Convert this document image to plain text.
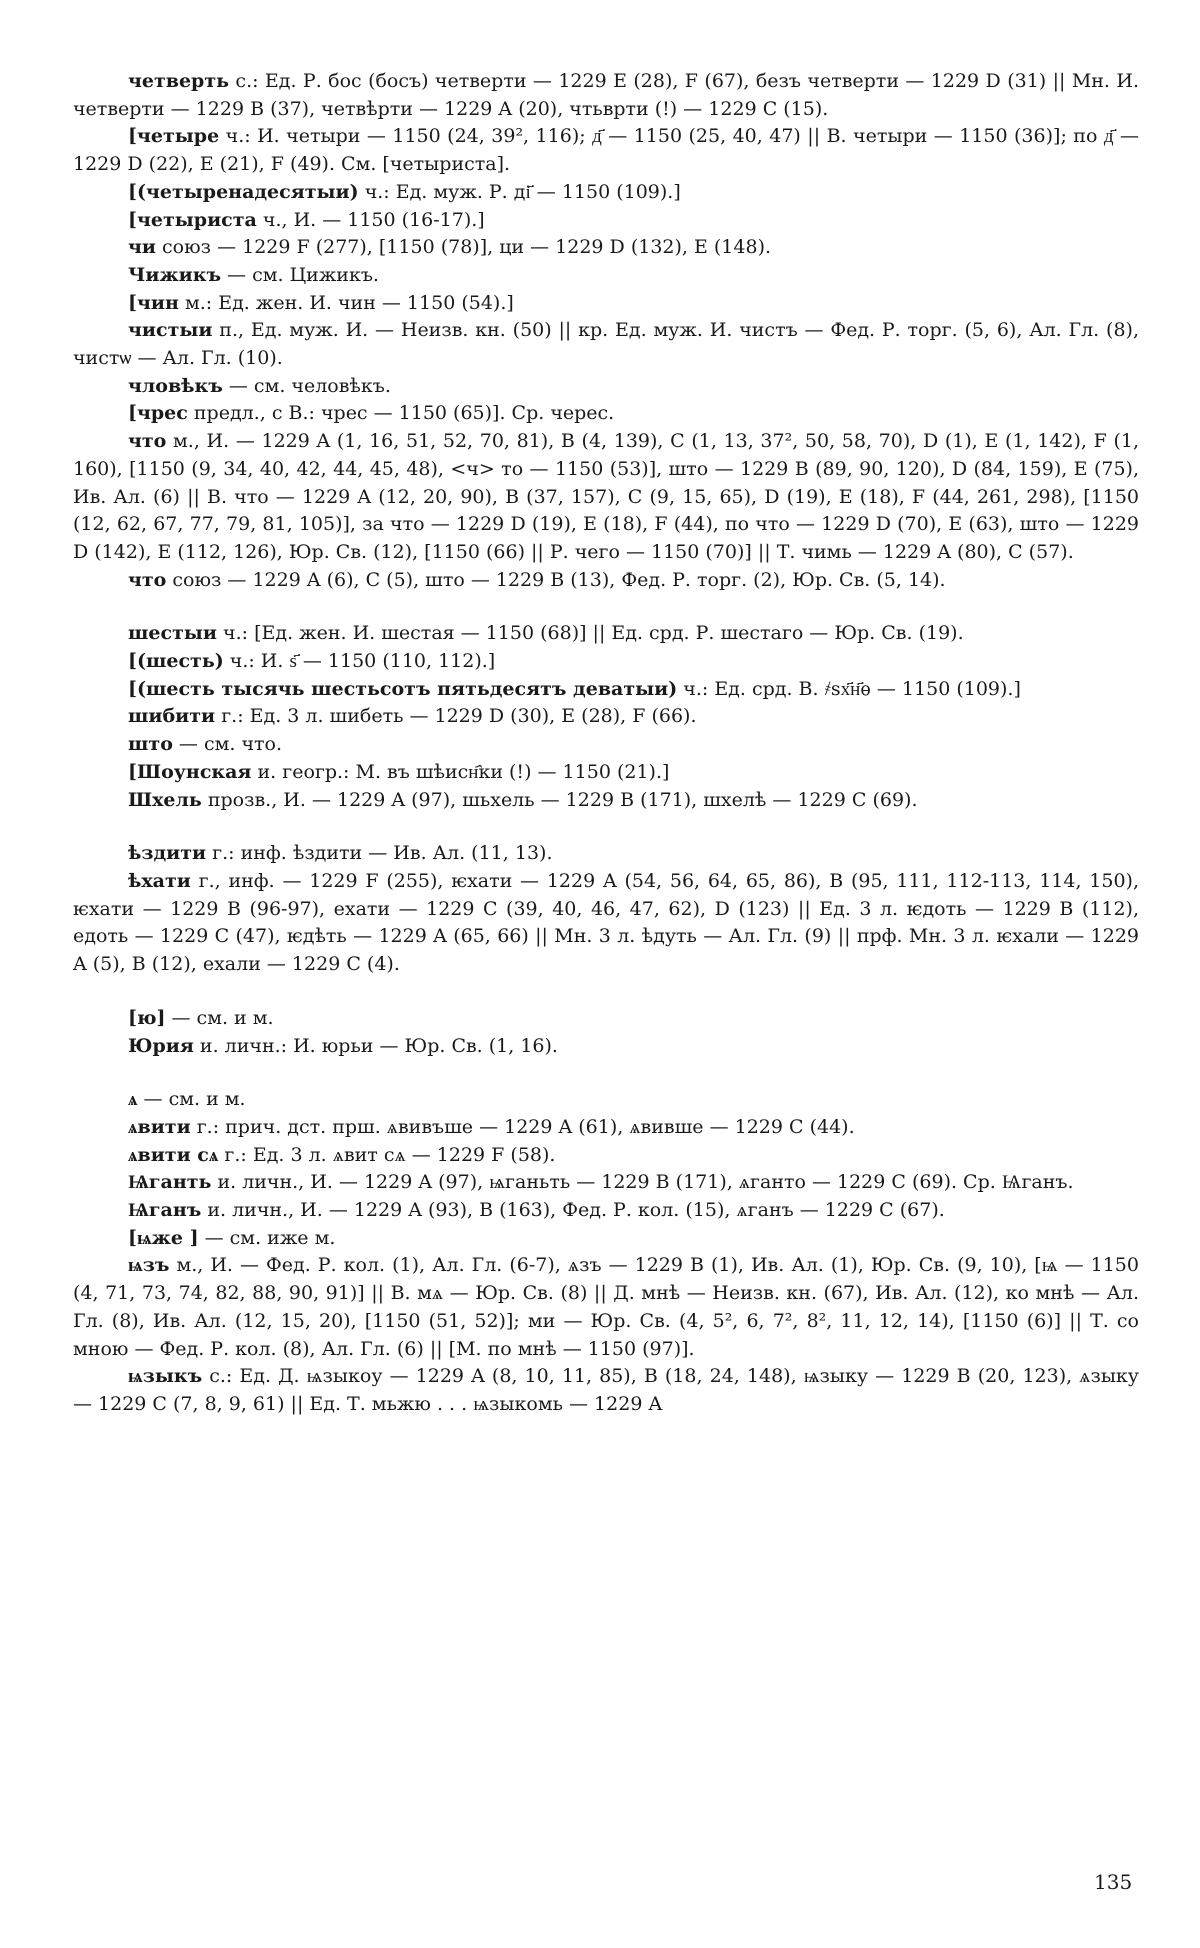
четверть с.: Ед. Р. бос (босъ) четверти — 1229 E (28), F (67), безъ четверти — 1229 D (31) || Мн. И. четверти — 1229 B (37), четвѣрти — 1229 A (20), чтьврти (!) — 1229 C (15).

[четыре ч.: И. четыри — 1150 (24, 39², 116); д҃ — 1150 (25, 40, 47) || В. четыри — 1150 (36)]; по д҃ — 1229 D (22), E (21), F (49). См. [четыриста].

[(четыренадесятыи) ч.: Ед. муж. Р. ді҃ — 1150 (109).]

[четыриста ч., И. — 1150 (16-17).]

чи союз — 1229 F (277), [1150 (78)], ци — 1229 D (132), E (148).

Чижикъ — см. Цижикъ.

[чин м.: Ед. жен. И. чин — 1150 (54).]

чистыи п., Ед. муж. И. — Неизв. кн. (50) || кр. Ед. муж. И. чистъ — Фед. Р. торг. (5, 6), Ал. Гл. (8), чистѡ — Ал. Гл. (10).

чловѣкъ — см. человѣкъ.

[чрес предл., с В.: чрес — 1150 (65)]. Ср. черес.

что м., И. — 1229 A (1, 16, 51, 52, 70, 81), B (4, 139), C (1, 13, 37², 50, 58, 70), D (1), E (1, 142), F (1, 160), [1150 (9, 34, 40, 42, 44, 45, 48), <ч> то — 1150 (53)], што — 1229 B (89, 90, 120), D (84, 159), E (75), Ив. Ал. (6) || В. что — 1229 A (12, 20, 90), B (37, 157), C (9, 15, 65), D (19), E (18), F (44, 261, 298), [1150 (12, 62, 67, 77, 79, 81, 105)], за что — 1229 D (19), E (18), F (44), по что — 1229 D (70), E (63), што — 1229 D (142), E (112, 126), Юр. Св. (12), [1150 (66) || Р. чего — 1150 (70)] || Т. чимь — 1229 A (80), C (57).

что союз — 1229 A (6), C (5), што — 1229 B (13), Фед. Р. торг. (2), Юр. Св. (5, 14).

шестыи ч.: [Ед. жен. И. шестая — 1150 (68)] || Ед. срд. Р. шестаго — Юр. Св. (19).

[(шесть) ч.: И. ѕ҃ — 1150 (110, 112).]

[(шесть тысячь шестьсотъ пятьдесятъ деватыи) ч.: Ед. срд. В. ҂ѕх҃н҃ѳ — 1150 (109).]

шибити г.: Ед. 3 л. шибеть — 1229 D (30), E (28), F (66).

што — см. что.

[Шоунская и. геогр.: М. въ шѣисн҄ки (!) — 1150 (21).]

Шхель прозв., И. — 1229 A (97), шьхель — 1229 B (171), шхелѣ — 1229 C (69).

ѣздити г.: инф. ѣздити — Ив. Ал. (11, 13).

ѣхати г., инф. — 1229 F (255), ѥхати — 1229 A (54, 56, 64, 65, 86), B (95, 111, 112-113, 114, 150), ѥхати — 1229 B (96-97), ехати — 1229 C (39, 40, 46, 47, 62), D (123) || Ед. 3 л. ѥдоть — 1229 B (112), едоть — 1229 C (47), ѥдѣть — 1229 A (65, 66) || Мн. 3 л. ѣдуть — Ал. Гл. (9) || прф. Мн. 3 л. ѥхали — 1229 A (5), B (12), ехали — 1229 C (4).

[ю] — см. и м.

Юрия и. личн.: И. юрьи — Юр. Св. (1, 16).

ѧ — см. и м.

ѧвити г.: прич. дст. прш. ѧвивъше — 1229 A (61), ѧвивше — 1229 C (44).

ѧвити сѧ г.: Ед. 3 л. ѧвит сѧ — 1229 F (58).

Ѩганть и. личн., И. — 1229 A (97), ѩганьть — 1229 B (171), ѧганто — 1229 C (69). Ср. Ѩганъ.

Ѩганъ и. личн., И. — 1229 A (93), B (163), Фед. Р. кол. (15), ѧганъ — 1229 C (67).

[ѩже ] — см. иже м.

ѩзъ м., И. — Фед. Р. кол. (1), Ал. Гл. (6-7), ѧзъ — 1229 B (1), Ив. Ал. (1), Юр. Св. (9, 10), [ѩ — 1150 (4, 71, 73, 74, 82, 88, 90, 91)] || В. мѧ — Юр. Св. (8) || Д. мнѣ — Неизв. кн. (67), Ив. Ал. (12), ко мнѣ — Ал. Гл. (8), Ив. Ал. (12, 15, 20), [1150 (51, 52)]; ми — Юр. Св. (4, 5², 6, 7², 8², 11, 12, 14), [1150 (6)] || Т. со мною — Фед. Р. кол. (8), Ал. Гл. (6) || [М. по мнѣ — 1150 (97)].

ѩзыкъ с.: Ед. Д. ѩзыкоу — 1229 A (8, 10, 11, 85), B (18, 24, 148), ѩзыку — 1229 B (20, 123), ѧзыку — 1229 C (7, 8, 9, 61) || Ед. Т. мьжю . . . ѩзыкомь — 1229 A

135
